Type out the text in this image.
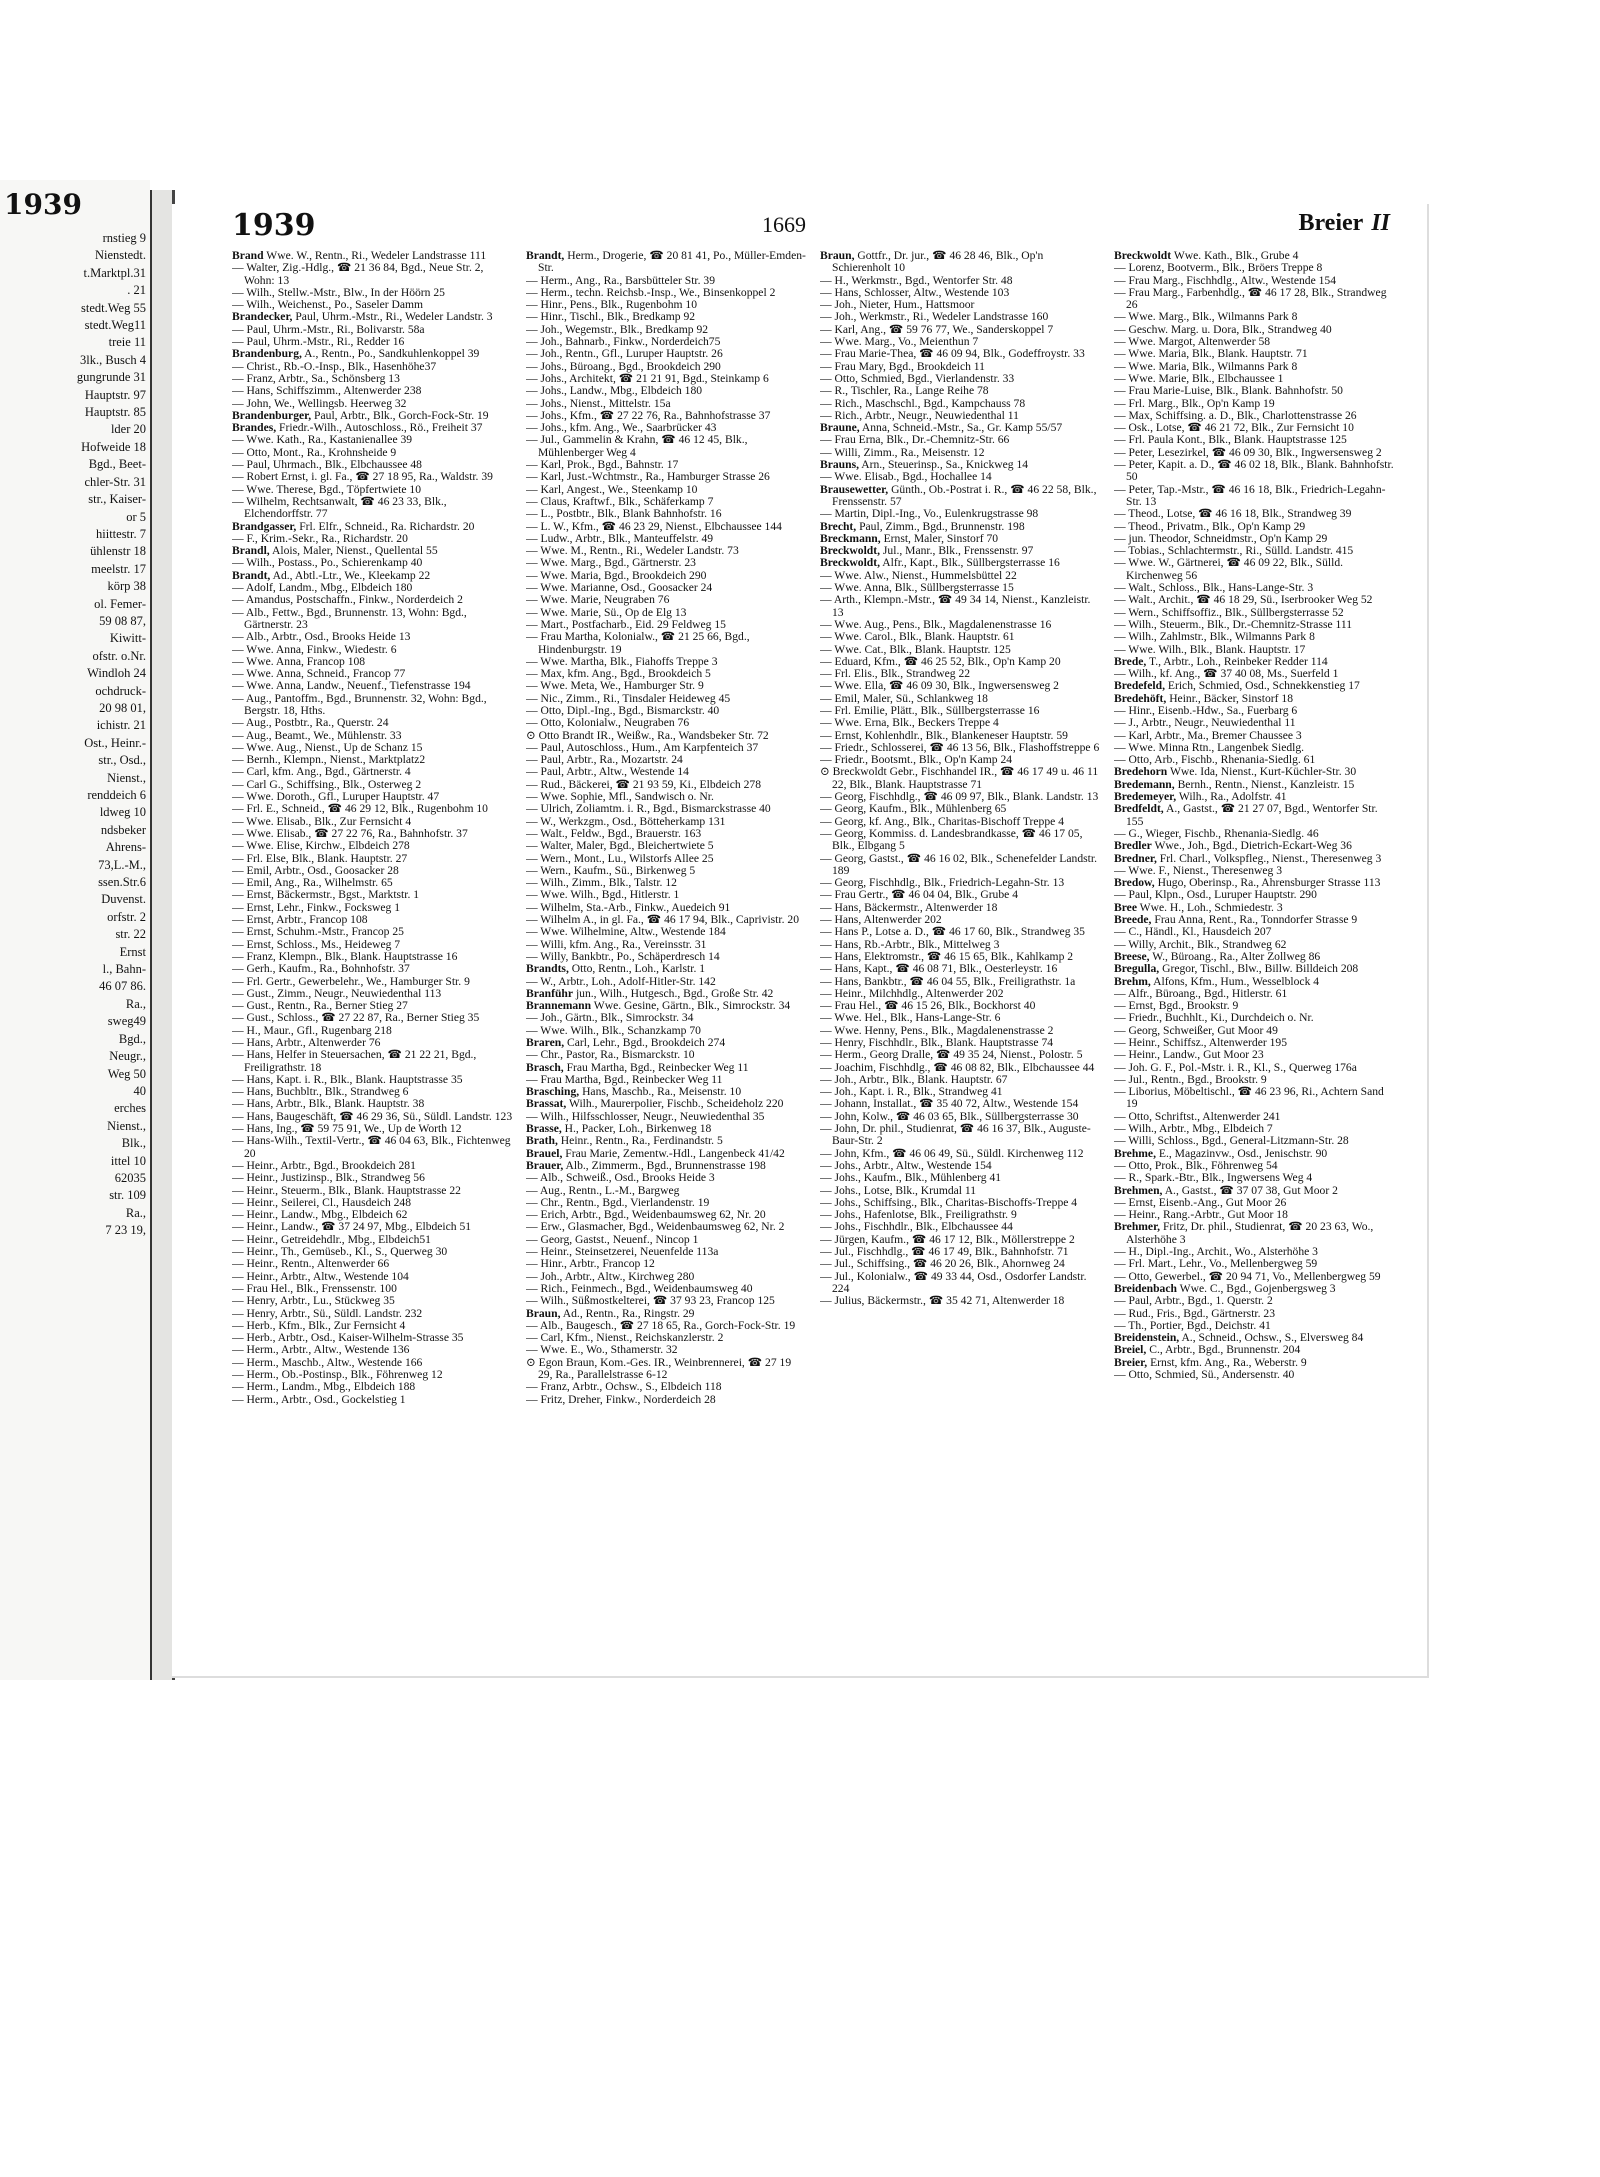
1939
rnstieg 9
Nienstedt.
t.Marktpl.31
. 21
stedt.Weg 55
stedt.Weg11
treie 11
3lk., Busch 4
gungrunde 31
Hauptstr. 97
Hauptstr. 85
lder 20
Hofweide 18
Bgd., Beet-
chler-Str. 31
str., Kaiser-
or 5
hiittestr. 7
ühlenstr 18
meelstr. 17
körp 38
ol. Femer-
59 08 87,
Kiwitt-
ofstr. o.Nr.
Windloh 24
ochdruck-
20 98 01,
ichistr. 21
Ost., Heinr.-
str., Osd.,
Nienst.,
renddeich 6
ldweg 10
ndsbeker
Ahrens-
73,L.-M.,
ssen.Str.6
Duvenst.
orfstr. 2
str. 22
Ernst
l., Bahn-
46 07 86.
Ra.,
sweg49
Bgd.,
Neugr.,
Weg 50
40
erches
Nienst.,
Blk.,
ittel 10
62035
str. 109
Ra.,
7 23 19,
1939	1669	Breier II
Brand Wwe. W., Rentn., Ri., Wedeler Landstrasse 111
— Walter, Zig.-Hdlg., ☎ 21 36 84, Bgd., Neue Str. 2, Wohn: 13
— Wilh., Stellw.-Mstr., Blw., In der Höörn 25
— Wilh., Weichenst., Po., Saseler Damm
Brandecker, Paul, Uhrm.-Mstr., Ri., Wedeler Landstr. 3
— Paul, Uhrm.-Mstr., Ri., Bolivarstr. 58a
— Paul, Uhrm.-Mstr., Ri., Redder 16
Brandenburg, A., Rentn., Po., Sandkuhlenkoppel 39
— Christ., Rb.-O.-Insp., Blk., Hasenhöhe37
— Franz, Arbtr., Sa., Schönsberg 13
— Hans, Schiffszimm., Altenwerder 238
— John, We., Wellingsb. Heerweg 32
Brandenburger, Paul, Arbtr., Blk., Gorch-Fock-Str. 19
Brandes, Friedr.-Wilh., Autoschloss., Rö., Freiheit 37
— Wwe. Kath., Ra., Kastanienallee 39
— Otto, Mont., Ra., Krohnsheide 9
— Paul, Uhrmach., Blk., Elbchaussee 48
— Robert Ernst, i. gl. Fa., ☎ 27 18 95, Ra., Waldstr. 39
— Wwe. Therese, Bgd., Töpfertwiete 10
— Wilhelm, Rechtsanwalt, ☎ 46 23 33, Blk., Elchendorffstr. 77
Brandgasser, Frl. Elfr., Schneid., Ra. Richardstr. 20
— F., Krim.-Sekr., Ra., Richardstr. 20
Brandl, Alois, Maler, Nienst., Quellental 55
— Wilh., Postass., Po., Schierenkamp 40
Brandt, Ad., Abtl.-Ltr., We., Kleekamp 22
— Adolf, Landm., Mbg., Elbdeich 180
— Amandus, Postschaffn., Finkw., Norderdeich 2
— Alb., Fettw., Bgd., Brunnenstr. 13, Wohn: Bgd., Gärtnerstr. 23
— Alb., Arbtr., Osd., Brooks Heide 13
— Wwe. Anna, Finkw., Wiedestr. 6
— Wwe. Anna, Francop 108
— Wwe. Anna, Schneid., Francop 77
— Wwe. Anna, Landw., Neuenf., Tiefenstrasse 194
— Aug., Pantoffm., Bgd., Brunnenstr. 32, Wohn: Bgd., Bergstr. 18, Hths.
— Aug., Postbtr., Ra., Querstr. 24
— Aug., Beamt., We., Mühlenstr. 33
— Wwe. Aug., Nienst., Up de Schanz 15
— Bernh., Klempn., Nienst., Marktplatz2
— Carl, kfm. Ang., Bgd., Gärtnerstr. 4
— Carl G., Schiffsing., Blk., Osterweg 2
— Wwe. Doroth., Gfl., Luruper Hauptstr. 47
— Frl. E., Schneid., ☎ 46 29 12, Blk., Rugenbohm 10
— Wwe. Elisab., Blk., Zur Fernsicht 4
— Wwe. Elisab., ☎ 27 22 76, Ra., Bahnhofstr. 37
— Wwe. Elise, Kirchw., Elbdeich 278
— Frl. Else, Blk., Blank. Hauptstr. 27
— Emil, Arbtr., Osd., Goosacker 28
— Emil, Ang., Ra., Wilhelmstr. 65
— Ernst, Bäckermstr., Bgst., Marktstr. 1
— Ernst, Lehr., Finkw., Focksweg 1
— Ernst, Arbtr., Francop 108
— Ernst, Schuhm.-Mstr., Francop 25
— Ernst, Schloss., Ms., Heideweg 7
— Franz, Klempn., Blk., Blank. Hauptstrasse 16
— Gerh., Kaufm., Ra., Bohnhofstr. 37
— Frl. Gertr., Gewerbelehr., We., Hamburger Str. 9
— Gust., Zimm., Neugr., Neuwiedenthal 113
— Gust., Rentn., Ra., Berner Stieg 27
— Gust., Schloss., ☎ 27 22 87, Ra., Berner Stieg 35
— H., Maur., Gfl., Rugenbarg 218
— Hans, Arbtr., Altenwerder 76
— Hans, Helfer in Steuersachen, ☎ 21 22 21, Bgd., Freiligrathstr. 18
— Hans, Kapt. i. R., Blk., Blank. Hauptstrasse 35
— Hans, Buchbltr., Blk., Strandweg 6
— Hans, Arbtr., Blk., Blank. Hauptstr. 38
— Hans, Baugeschäft, ☎ 46 29 36, Sü., Süldl. Landstr. 123
— Hans, Ing., ☎ 59 75 91, We., Up de Worth 12
— Hans-Wilh., Textil-Vertr., ☎ 46 04 63, Blk., Fichtenweg 20
— Heinr., Arbtr., Bgd., Brookdeich 281
— Heinr., Justizinsp., Blk., Strandweg 56
— Heinr., Steuerm., Blk., Blank. Hauptstrasse 22
— Heinr., Seilerei, Cl., Hausdeich 248
— Heinr., Landw., Mbg., Elbdeich 62
— Heinr., Landw., ☎ 37 24 97, Mbg., Elbdeich 51
— Heinr., Getreidehdlr., Mbg., Elbdeich51
— Heinr., Th., Gemüseb., Kl., S., Querweg 30
— Heinr., Rentn., Altenwerder 66
— Heinr., Arbtr., Altw., Westende 104
— Frau Hel., Blk., Frenssenstr. 100
— Henry, Arbtr., Lu., Stückweg 35
— Henry, Arbtr., Sü., Süldl. Landstr. 232
— Herb., Kfm., Blk., Zur Fernsicht 4
— Herb., Arbtr., Osd., Kaiser-Wilhelm-Strasse 35
— Herm., Arbtr., Altw., Westende 136
— Herm., Maschb., Altw., Westende 166
— Herm., Ob.-Postinsp., Blk., Föhrenweg 12
— Herm., Landm., Mbg., Elbdeich 188
— Herm., Arbtr., Osd., Gockelstieg 1
Brandt, Herm., Drogerie, ☎ 20 81 41, Po., Müller-Emden-Str.
— Herm., Ang., Ra., Barsbütteler Str. 39
— Herm., techn. Reichsb.-Insp., We., Binsenkoppel 2
— Hinr., Pens., Blk., Rugenbohm 10
— Hinr., Tischl., Blk., Bredkamp 92
— Joh., Wegemstr., Blk., Bredkamp 92
— Joh., Bahnarb., Finkw., Norderdeich75
— Joh., Rentn., Gfl., Luruper Hauptstr. 26
— Johs., Büroang., Bgd., Brookdeich 290
— Johs., Architekt, ☎ 21 21 91, Bgd., Steinkamp 6
— Johs., Landw., Mbg., Elbdeich 180
— Johs., Nienst., Mittelstr. 15a
— Johs., Kfm., ☎ 27 22 76, Ra., Bahnhofstrasse 37
— Johs., kfm. Ang., We., Saarbrücker 43
— Jul., Gammelin & Krahn, ☎ 46 12 45, Blk., Mühlenberger Weg 4
— Karl, Prok., Bgd., Bahnstr. 17
— Karl, Just.-Wchtmstr., Ra., Hamburger Strasse 26
— Karl, Angest., We., Steenkamp 10
— Claus, Kraftwf., Blk., Schäferkamp 7
— L., Postbtr., Blk., Blank Bahnhofstr. 16
— L. W., Kfm., ☎ 46 23 29, Nienst., Elbchaussee 144
— Ludw., Arbtr., Blk., Manteuffelstr. 49
— Wwe. M., Rentn., Ri., Wedeler Landstr. 73
— Wwe. Marg., Bgd., Gärtnerstr. 23
— Wwe. Maria, Bgd., Brookdeich 290
— Wwe. Marianne, Osd., Goosacker 24
— Wwe. Marie, Neugraben 76
— Wwe. Marie, Sü., Op de Elg 13
— Mart., Postfacharb., Eid. 29 Feldweg 15
— Frau Martha, Kolonialw., ☎ 21 25 66, Bgd., Hindenburgstr. 19
— Wwe. Martha, Blk., Fiahoffs Treppe 3
— Max, kfm. Ang., Bgd., Brookdeich 5
— Wwe. Meta, We., Hamburger Str. 9
— Nic., Zimm., Ri., Tinsdaler Heideweg 45
— Otto, Dipl.-Ing., Bgd., Bismarckstr. 40
— Otto, Kolonialw., Neugraben 76
⊙ Otto Brandt IR., Weißw., Ra., Wandsbeker Str. 72
— Paul, Autoschloss., Hum., Am Karpfenteich 37
— Paul, Arbtr., Ra., Mozartstr. 24
— Paul, Arbtr., Altw., Westende 14
— Rud., Bäckerei, ☎ 21 93 59, Ki., Elbdeich 278
— Wwe. Sophie, Mfl., Sandwisch o. Nr.
— Ulrich, Zoliamtm. i. R., Bgd., Bismarckstrasse 40
— W., Werkzgm., Osd., Bötteherkamp 131
— Walt., Feldw., Bgd., Brauerstr. 163
— Walter, Maler, Bgd., Bleichertwiete 5
— Wern., Mont., Lu., Wilstorfs Allee 25
— Wern., Kaufm., Sü., Birkenweg 5
— Wilh., Zimm., Blk., Talstr. 12
— Wwe. Wilh., Bgd., Hitlerstr. 1
— Wilhelm, Sta.-Arb., Finkw., Auedeich 91
— Wilhelm A., in gl. Fa., ☎ 46 17 94, Blk., Caprivistr. 20
— Wwe. Wilhelmine, Altw., Westende 184
— Willi, kfm. Ang., Ra., Vereinsstr. 31
— Willy, Bankbtr., Po., Schäperdresch 14
Brandts, Otto, Rentn., Loh., Karlstr. 1
— W., Arbtr., Loh., Adolf-Hitler-Str. 142
Branführ jun., Wilh., Hutgesch., Bgd., Große Str. 42
Brannemann Wwe. Gesine, Gärtn., Blk., Simrockstr. 34
— Joh., Gärtn., Blk., Simrockstr. 34
— Wwe. Wilh., Blk., Schanzkamp 70
Braren, Carl, Lehr., Bgd., Brookdeich 274
— Chr., Pastor, Ra., Bismarckstr. 10
Brasch, Frau Martha, Bgd., Reinbecker Weg 11
— Frau Martha, Bgd., Reinbecker Weg 11
Brasching, Hans, Maschb., Ra., Meisenstr. 10
Brassat, Wilh., Maurerpolier, Fischb., Scheideholz 220
— Wilh., Hilfsschlosser, Neugr., Neuwiedenthal 35
Brasse, H., Packer, Loh., Birkenweg 18
Brath, Heinr., Rentn., Ra., Ferdinandstr. 5
Brauel, Frau Marie, Zementw.-Hdl., Langenbeck 41/42
Brauer, Alb., Zimmerm., Bgd., Brunnenstrasse 198
— Alb., Schweiß., Osd., Brooks Heide 3
— Aug., Rentn., L.-M., Bargweg
— Chr., Rentn., Bgd., Vierlandenstr. 19
— Erich, Arbtr., Bgd., Weidenbaumsweg 62, Nr. 20
— Erw., Glasmacher, Bgd., Weidenbaumsweg 62, Nr. 2
— Georg, Gastst., Neuenf., Nincop 1
— Heinr., Steinsetzerei, Neuenfelde 113a
— Hinr., Arbtr., Francop 12
— Joh., Arbtr., Altw., Kirchweg 280
— Rich., Feinmech., Bgd., Weidenbaumsweg 40
— Wilh., Süßmostkelterei, ☎ 37 93 23, Francop 125
Braun, Ad., Rentn., Ra., Ringstr. 29
— Alb., Baugesch., ☎ 27 18 65, Ra., Gorch-Fock-Str. 19
— Carl, Kfm., Nienst., Reichskanzlerstr. 2
— Wwe. E., Wo., Sthamerstr. 32
⊙ Egon Braun, Kom.-Ges. IR., Weinbrennerei, ☎ 27 19 29, Ra., Parallelstrasse 6-12
— Franz, Arbtr., Ochsw., S., Elbdeich 118
— Fritz, Dreher, Finkw., Norderdeich 28
Braun, Gottfr., Dr. jur., ☎ 46 28 46, Blk., Op'n Schierenholt 10
— H., Werkmstr., Bgd., Wentorfer Str. 48
— Hans, Schlosser, Altw., Westende 103
— Joh., Nieter, Hum., Hattsmoor
— Joh., Werkmstr., Ri., Wedeler Landstrasse 160
— Karl, Ang., ☎ 59 76 77, We., Sanderskoppel 7
— Wwe. Marg., Vo., Meienthun 7
— Frau Marie-Thea, ☎ 46 09 94, Blk., Godeffroystr. 33
— Frau Mary, Bgd., Brookdeich 11
— Otto, Schmied, Bgd., Vierlandenstr. 33
— R., Tischler, Ra., Lange Reihe 78
— Rich., Maschschl., Bgd., Kampchauss 78
— Rich., Arbtr., Neugr., Neuwiedenthal 11
Braune, Anna, Schneid.-Mstr., Sa., Gr. Kamp 55/57
— Frau Erna, Blk., Dr.-Chemnitz-Str. 66
— Willi, Zimm., Ra., Meisenstr. 12
Brauns, Arn., Steuerinsp., Sa., Knickweg 14
— Wwe. Elisab., Bgd., Hochallee 14
Brausewetter, Günth., Ob.-Postrat i. R., ☎ 46 22 58, Blk., Frenssenstr. 57
— Martin, Dipl.-Ing., Vo., Eulenkrugstrasse 98
Brecht, Paul, Zimm., Bgd., Brunnenstr. 198
Breckmann, Ernst, Maler, Sinstorf 70
Breckwoldt, Jul., Manr., Blk., Frenssenstr. 97
Breckwoldt, Alfr., Kapt., Blk., Süllbergsterrasse 16
— Wwe. Alw., Nienst., Hummelsbüttel 22
— Wwe. Anna, Blk., Süllbergsterrasse 15
— Arth., Klempn.-Mstr., ☎ 49 34 14, Nienst., Kanzleistr. 13
— Wwe. Aug., Pens., Blk., Magdalenenstrasse 16
— Wwe. Carol., Blk., Blank. Hauptstr. 61
— Wwe. Cat., Blk., Blank. Hauptstr. 125
— Eduard, Kfm., ☎ 46 25 52, Blk., Op'n Kamp 20
— Frl. Elis., Blk., Strandweg 22
— Wwe. Ella, ☎ 46 09 30, Blk., Ingwersensweg 2
— Emil, Maler, Sü., Schlankweg 18
— Frl. Emilie, Plätt., Blk., Süllbergsterrasse 16
— Wwe. Erna, Blk., Beckers Treppe 4
— Ernst, Kohlenhdlr., Blk., Blankeneser Hauptstr. 59
— Friedr., Schlosserei, ☎ 46 13 56, Blk., Flashoffstreppe 6
— Friedr., Bootsmt., Blk., Op'n Kamp 24
⊙ Breckwoldt Gebr., Fischhandel IR., ☎ 46 17 49 u. 46 11 22, Blk., Blank. Hauptstrasse 71
— Georg, Fischhdlg., ☎ 46 09 97, Blk., Blank. Landstr. 13
— Georg, Kaufm., Blk., Mühlenberg 65
— Georg, kf. Ang., Blk., Charitas-Bischoff Treppe 4
— Georg, Kommiss. d. Landesbrandkasse, ☎ 46 17 05, Blk., Elbgang 5
— Georg, Gastst., ☎ 46 16 02, Blk., Schenefelder Landstr. 189
— Georg, Fischhdlg., Blk., Friedrich-Legahn-Str. 13
— Frau Gertr., ☎ 46 04 04, Blk., Grube 4
— Hans, Bäckermstr., Altenwerder 18
— Hans, Altenwerder 202
— Hans P., Lotse a. D., ☎ 46 17 60, Blk., Strandweg 35
— Hans, Rb.-Arbtr., Blk., Mittelweg 3
— Hans, Elektromstr., ☎ 46 15 65, Blk., Kahlkamp 2
— Hans, Kapt., ☎ 46 08 71, Blk., Oesterleystr. 16
— Hans, Bankbtr., ☎ 46 04 55, Blk., Freiligrathstr. 1a
— Heinr., Milchhdlg., Altenwerder 202
— Frau Hel., ☎ 46 15 26, Blk., Bockhorst 40
— Wwe. Hel., Blk., Hans-Lange-Str. 6
— Wwe. Henny, Pens., Blk., Magdalenenstrasse 2
— Henry, Fischhdlr., Blk., Blank. Hauptstrasse 74
— Herm., Georg Dralle, ☎ 49 35 24, Nienst., Polostr. 5
— Joachim, Fischhdlg., ☎ 46 08 82, Blk., Elbchaussee 44
— Joh., Arbtr., Blk., Blank. Hauptstr. 67
— Joh., Kapt. i. R., Blk., Strandweg 41
— Johann, Installat., ☎ 35 40 72, Altw., Westende 154
— John, Kolw., ☎ 46 03 65, Blk., Süllbergsterrasse 30
— John, Dr. phil., Studienrat, ☎ 46 16 37, Blk., Auguste-Baur-Str. 2
— John, Kfm., ☎ 46 06 49, Sü., Süldl. Kirchenweg 112
— Johs., Arbtr., Altw., Westende 154
— Johs., Kaufm., Blk., Mühlenberg 41
— Johs., Lotse, Blk., Krumdal 11
— Johs., Schiffsing., Blk., Charitas-Bischoffs-Treppe 4
— Johs., Hafenlotse, Blk., Freiligrathstr. 9
— Johs., Fischhdlr., Blk., Elbchaussee 44
— Jürgen, Kaufm., ☎ 46 17 12, Blk., Möllerstreppe 2
— Jul., Fischhdlg., ☎ 46 17 49, Blk., Bahnhofstr. 71
— Jul., Schiffsing., ☎ 46 20 26, Blk., Ahornweg 24
— Jul., Kolonialw., ☎ 49 33 44, Osd., Osdorfer Landstr. 224
— Julius, Bäckermstr., ☎ 35 42 71, Altenwerder 18
Breckwoldt Wwe. Kath., Blk., Grube 4
— Lorenz, Bootverm., Blk., Bröers Treppe 8
— Frau Marg., Fischhdlg., Altw., Westende 154
— Frau Marg., Farbenhdlg., ☎ 46 17 28, Blk., Strandweg 26
— Wwe. Marg., Blk., Wilmanns Park 8
— Geschw. Marg. u. Dora, Blk., Strandweg 40
— Wwe. Margot, Altenwerder 58
— Wwe. Maria, Blk., Blank. Hauptstr. 71
— Wwe. Maria, Blk., Wilmanns Park 8
— Wwe. Marie, Blk., Elbchaussee 1
— Frau Marie-Luise, Blk., Blank. Bahnhofstr. 50
— Frl. Marg., Blk., Op'n Kamp 19
— Max, Schiffsing. a. D., Blk., Charlottenstrasse 26
— Osk., Lotse, ☎ 46 21 72, Blk., Zur Fernsicht 10
— Frl. Paula Kont., Blk., Blank. Hauptstrasse 125
— Peter, Lesezirkel, ☎ 46 09 30, Blk., Ingwersensweg 2
— Peter, Kapit. a. D., ☎ 46 02 18, Blk., Blank. Bahnhofstr. 50
— Peter, Tap.-Mstr., ☎ 46 16 18, Blk., Friedrich-Legahn-Str. 13
— Theod., Lotse, ☎ 46 16 18, Blk., Strandweg 39
— Theod., Privatm., Blk., Op'n Kamp 29
— jun. Theodor, Schneidmstr., Op'n Kamp 29
— Tobias., Schlachtermstr., Ri., Sülld. Landstr. 415
— Wwe. W., Gärtnerei, ☎ 46 09 22, Blk., Sülld. Kirchenweg 56
— Walt., Schloss., Blk., Hans-Lange-Str. 3
— Walt., Archit., ☎ 46 18 29, Sü., Iserbrooker Weg 52
— Wern., Schiffsoffiz., Blk., Süllbergsterrasse 52
— Wilh., Steuerm., Blk., Dr.-Chemnitz-Strasse 111
— Wilh., Zahlmstr., Blk., Wilmanns Park 8
— Wwe. Wilh., Blk., Blank. Hauptstr. 17
Brede, T., Arbtr., Loh., Reinbeker Redder 114
— Wilh., kf. Ang., ☎ 37 40 08, Ms., Suerfeld 1
Bredefeld, Erich, Schmied, Osd., Schnekkenstieg 17
Bredehöft, Heinr., Bäcker, Sinstorf 18
— Hinr., Eisenb.-Hdw., Sa., Fuerbarg 6
— J., Arbtr., Neugr., Neuwiedenthal 11
— Karl, Arbtr., Ma., Bremer Chaussee 3
— Wwe. Minna Rtn., Langenbek Siedlg.
— Otto, Arb., Fischb., Rhenania-Siedlg. 61
Bredehorn Wwe. Ida, Nienst., Kurt-Küchler-Str. 30
Bredemann, Bernh., Rentn., Nienst., Kanzleistr. 15
Bredemeyer, Wilh., Ra., Adolfstr. 41
Bredfeldt, A., Gastst., ☎ 21 27 07, Bgd., Wentorfer Str. 155
— G., Wieger, Fischb., Rhenania-Siedlg. 46
Bredler Wwe., Joh., Bgd., Dietrich-Eckart-Weg 36
Bredner, Frl. Charl., Volkspfleg., Nienst., Theresenweg 3
— Wwe. F., Nienst., Theresenweg 3
Bredow, Hugo, Oberinsp., Ra., Ahrensburger Strasse 113
— Paul, Klpn., Osd., Luruper Hauptstr. 290
Bree Wwe. H., Loh., Schmiedestr. 3
Breede, Frau Anna, Rent., Ra., Tonndorfer Strasse 9
— C., Händl., Kl., Hausdeich 207
— Willy, Archit., Blk., Strandweg 62
Breese, W., Büroang., Ra., Alter Zollweg 86
Bregulla, Gregor, Tischl., Blw., Billw. Billdeich 208
Brehm, Alfons, Kfm., Hum., Wesselblock 4
— Alfr., Büroang., Bgd., Hitlerstr. 61
— Ernst, Bgd., Brookstr. 9
— Friedr., Buchhlt., Ki., Durchdeich o. Nr.
— Georg, Schweißer, Gut Moor 49
— Heinr., Schiffsz., Altenwerder 195
— Heinr., Landw., Gut Moor 23
— Joh. G. F., Pol.-Mstr. i. R., Kl., S., Querweg 176a
— Jul., Rentn., Bgd., Brookstr. 9
— Liborius, Möbeltischl., ☎ 46 23 96, Ri., Achtern Sand 19
— Otto, Schriftst., Altenwerder 241
— Wilh., Arbtr., Mbg., Elbdeich 7
— Willi, Schloss., Bgd., General-Litzmann-Str. 28
Brehme, E., Magazinvw., Osd., Jenischstr. 90
— Otto, Prok., Blk., Föhrenweg 54
— R., Spark.-Btr., Blk., Ingwersens Weg 4
Brehmen, A., Gastst., ☎ 37 07 38, Gut Moor 2
— Ernst, Eisenb.-Ang., Gut Moor 26
— Heinr., Rang.-Arbtr., Gut Moor 18
Brehmer, Fritz, Dr. phil., Studienrat, ☎ 20 23 63, Wo., Alsterhöhe 3
— H., Dipl.-Ing., Archit., Wo., Alsterhöhe 3
— Frl. Mart., Lehr., Vo., Mellenbergweg 59
— Otto, Gewerbel., ☎ 20 94 71, Vo., Mellenbergweg 59
Breidenbach Wwe. C., Bgd., Gojenbergsweg 3
— Paul, Arbtr., Bgd., 1. Querstr. 2
— Rud., Fris., Bgd., Gärtnerstr. 23
— Th., Portier, Bgd., Deichstr. 41
Breidenstein, A., Schneid., Ochsw., S., Elversweg 84
Breiel, C., Arbtr., Bgd., Brunnenstr. 204
Breier, Ernst, kfm. Ang., Ra., Weberstr. 9
— Otto, Schmied, Sü., Andersenstr. 40
